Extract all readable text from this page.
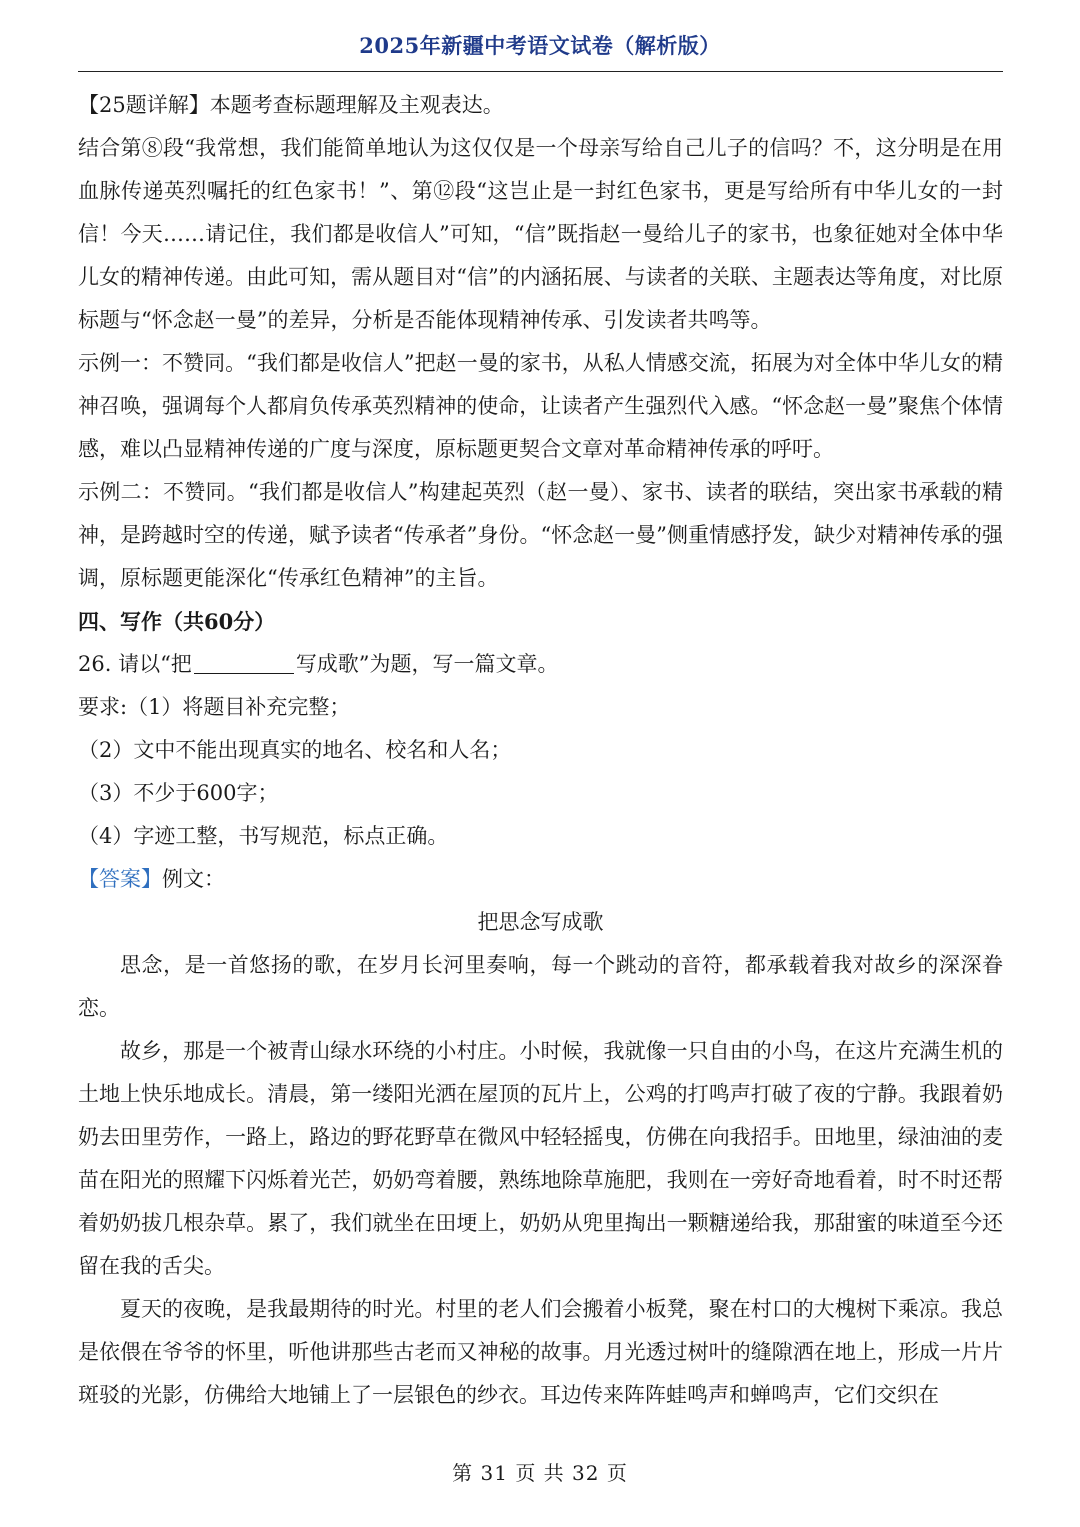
2025年新疆中考语文试卷（解析版）

【25题详解】本题考查标题理解及主观表达。

结合第⑧段“我常想，我们能简单地认为这仅仅是一个母亲写给自己儿子的信吗？不，这分明是在用血脉传递英烈嘱托的红色家书！”、第⑫段“这岂止是一封红色家书，更是写给所有中华儿女的一封信！今天……请记住，我们都是收信人”可知，“信”既指赵一曼给儿子的家书，也象征她对全体中华儿女的精神传递。由此可知，需从题目对“信”的内涵拓展、与读者的关联、主题表达等角度，对比原标题与“怀念赵一曼”的差异，分析是否能体现精神传承、引发读者共鸣等。

示例一：不赞同。“我们都是收信人”把赵一曼的家书，从私人情感交流，拓展为对全体中华儿女的精神召唤，强调每个人都肩负传承英烈精神的使命，让读者产生强烈代入感。“怀念赵一曼”聚焦个体情感，难以凸显精神传递的广度与深度，原标题更契合文章对革命精神传承的呼吁。

示例二：不赞同。“我们都是收信人”构建起英烈（赵一曼）、家书、读者的联结，突出家书承载的精神，是跨越时空的传递，赋予读者“传承者”身份。“怀念赵一曼”侧重情感抒发，缺少对精神传承的强调，原标题更能深化“传承红色精神”的主旨。

四、写作（共60分）

26. 请以“把	写成歌”为题，写一篇文章。

要求:（1）将题目补充完整；

（2）文中不能出现真实的地名、校名和人名；

（3）不少于600字；

（4）字迹工整，书写规范，标点正确。

【答案】例文：

把思念写成歌

思念，是一首悠扬的歌，在岁月长河里奏响，每一个跳动的音符，都承载着我对故乡的深深眷恋。

故乡，那是一个被青山绿水环绕的小村庄。小时候，我就像一只自由的小鸟，在这片充满生机的土地上快乐地成长。清晨，第一缕阳光洒在屋顶的瓦片上，公鸡的打鸣声打破了夜的宁静。我跟着奶奶去田里劳作，一路上，路边的野花野草在微风中轻轻摇曳，仿佛在向我招手。田地里，绿油油的麦苗在阳光的照耀下闪烁着光芒，奶奶弯着腰，熟练地除草施肥，我则在一旁好奇地看着，时不时还帮着奶奶拔几根杂草。累了，我们就坐在田埂上，奶奶从兜里掏出一颗糖递给我，那甜蜜的味道至今还留在我的舌尖。

夏天的夜晚，是我最期待的时光。村里的老人们会搬着小板凳，聚在村口的大槐树下乘凉。我总是依偎在爷爷的怀里，听他讲那些古老而又神秘的故事。月光透过树叶的缝隙洒在地上，形成一片片斑驳的光影，仿佛给大地铺上了一层银色的纱衣。耳边传来阵阵蛙鸣声和蝉鸣声，它们交织在

第 31 页 共 32 页
